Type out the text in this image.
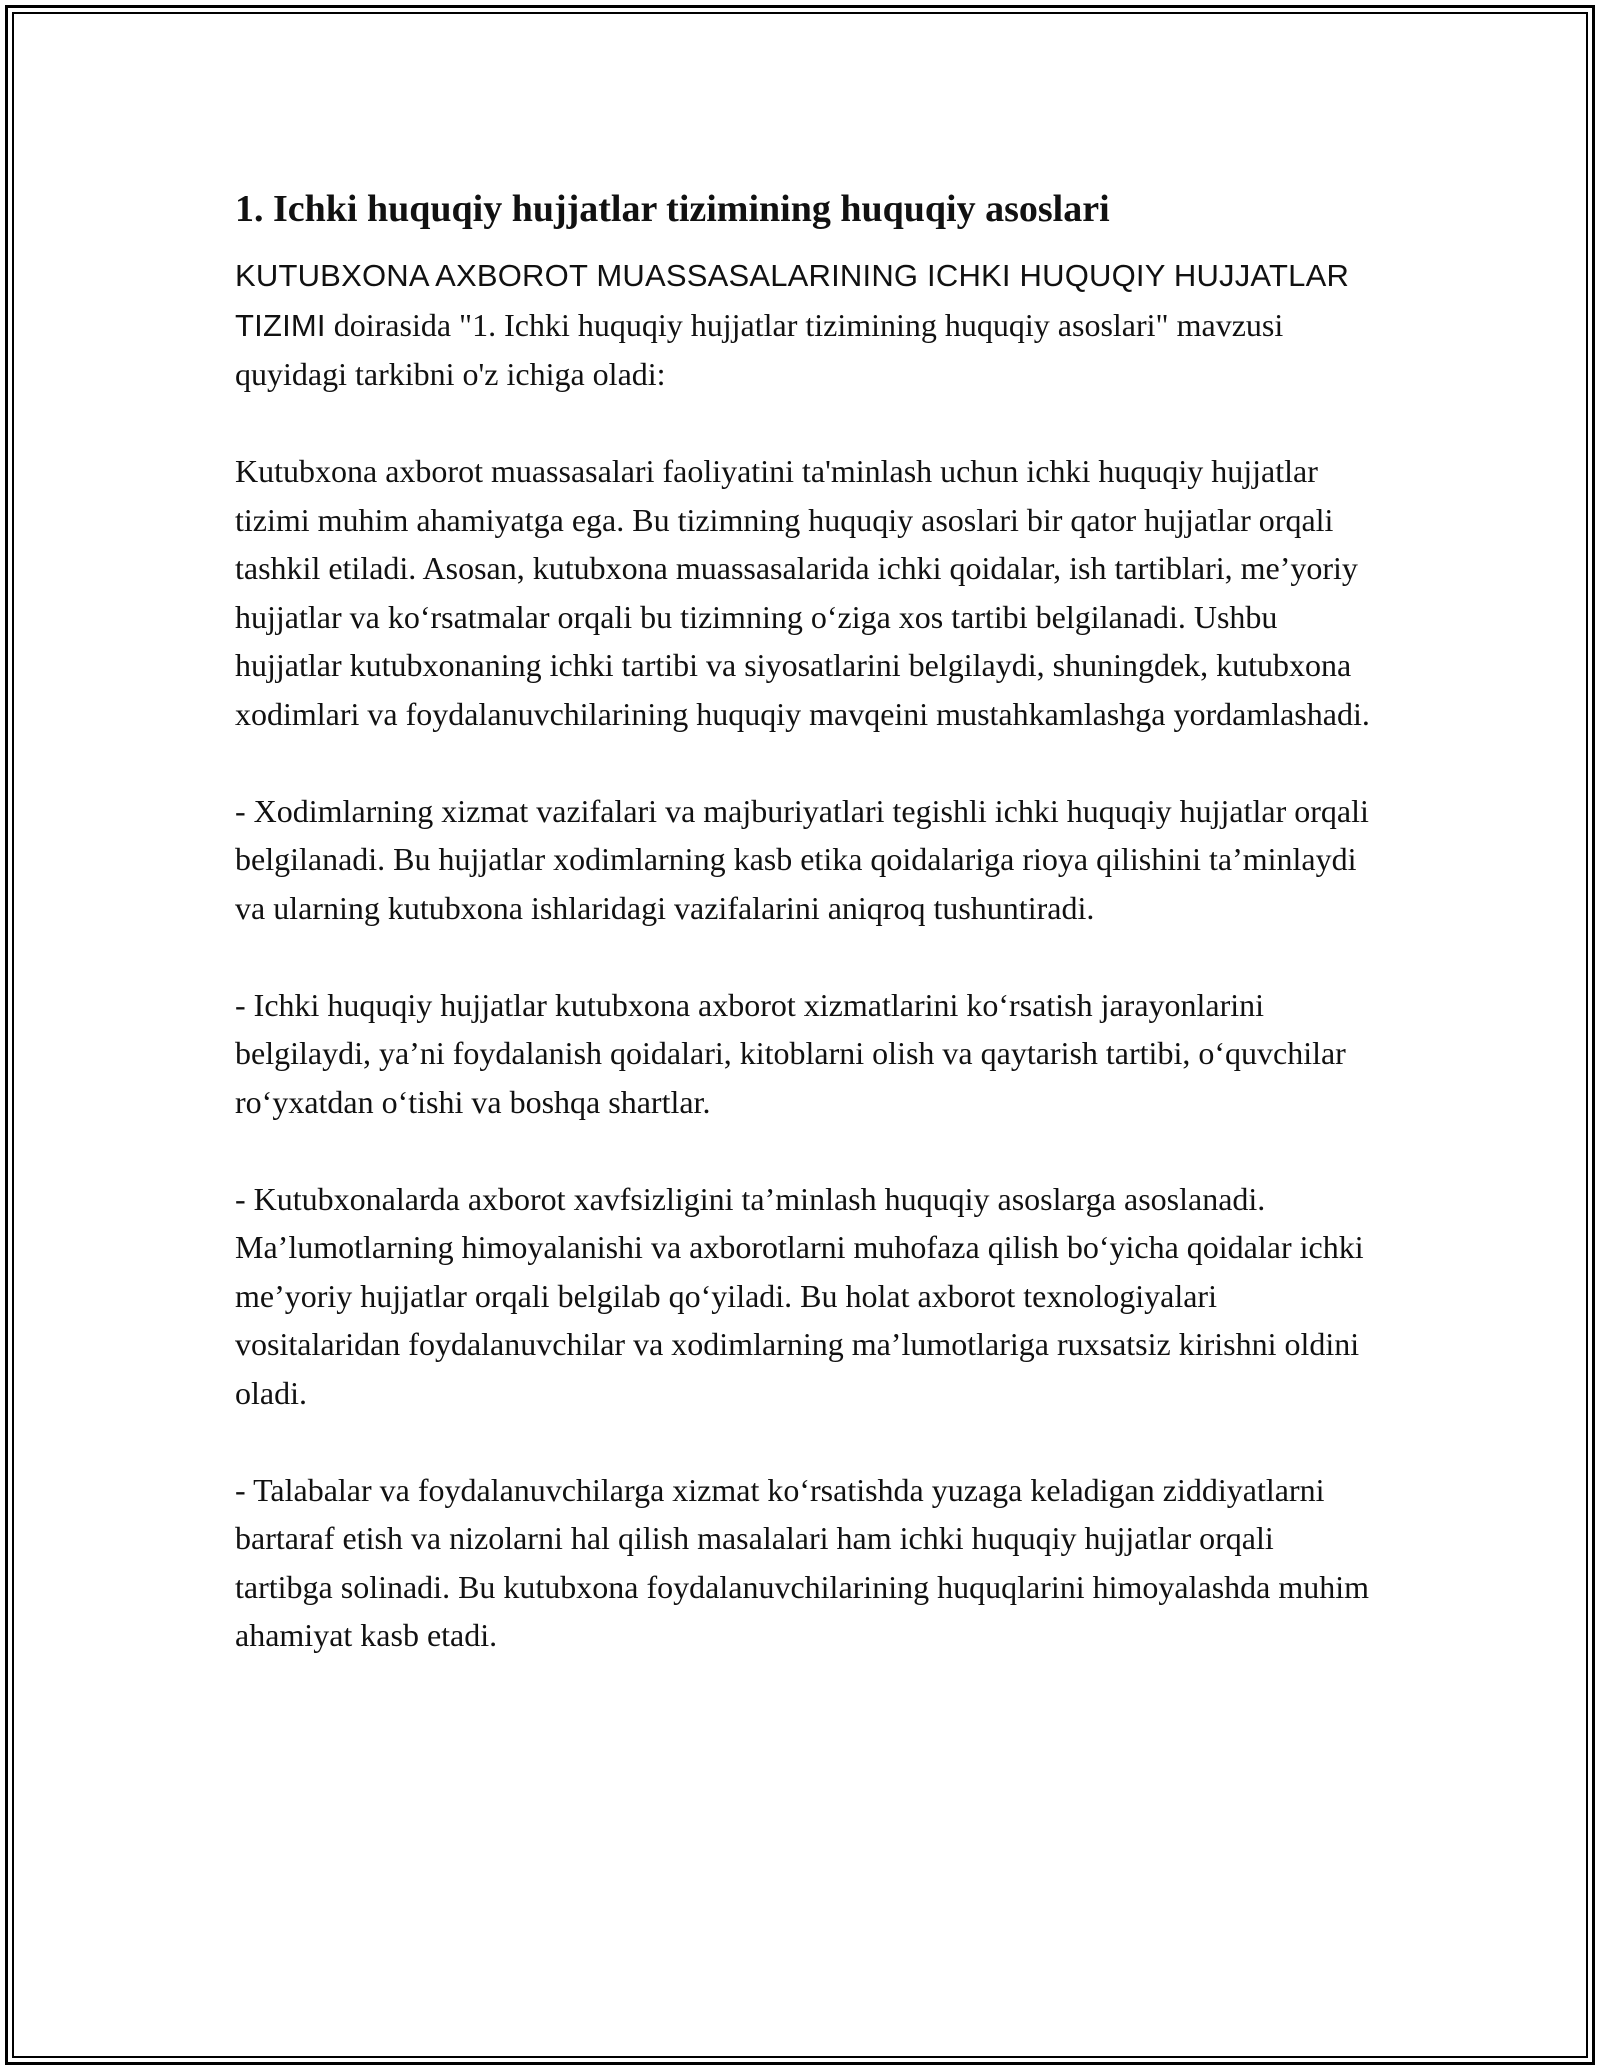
1. Ichki huquqiy hujjatlar tizimining huquqiy asoslari

KUTUBXONA AXBOROT MUASSASALARINING ICHKI HUQUQIY HUJJATLAR TIZIMI doirasida "1. Ichki huquqiy hujjatlar tizimining huquqiy asoslari" mavzusi quyidagi tarkibni o'z ichiga oladi:

Kutubxona axborot muassasalari faoliyatini ta'minlash uchun ichki huquqiy hujjatlar tizimi muhim ahamiyatga ega. Bu tizimning huquqiy asoslari bir qator hujjatlar orqali tashkil etiladi. Asosan, kutubxona muassasalarida ichki qoidalar, ish tartiblari, me’yoriy hujjatlar va ko‘rsatmalar orqali bu tizimning o‘ziga xos tartibi belgilanadi. Ushbu hujjatlar kutubxonaning ichki tartibi va siyosatlarini belgilaydi, shuningdek, kutubxona xodimlari va foydalanuvchilarining huquqiy mavqeini mustahkamlashga yordamlashadi.

- Xodimlarning xizmat vazifalari va majburiyatlari tegishli ichki huquqiy hujjatlar orqali belgilanadi. Bu hujjatlar xodimlarning kasb etika qoidalariga rioya qilishini ta’minlaydi va ularning kutubxona ishlaridagi vazifalarini aniqroq tushuntiradi.

- Ichki huquqiy hujjatlar kutubxona axborot xizmatlarini ko‘rsatish jarayonlarini belgilaydi, ya’ni foydalanish qoidalari, kitoblarni olish va qaytarish tartibi, o‘quvchilar ro‘yxatdan o‘tishi va boshqa shartlar.

- Kutubxonalarda axborot xavfsizligini ta’minlash huquqiy asoslarga asoslanadi. Ma’lumotlarning himoyalanishi va axborotlarni muhofaza qilish bo‘yicha qoidalar ichki me’yoriy hujjatlar orqali belgilab qo‘yiladi. Bu holat axborot texnologiyalari vositalaridan foydalanuvchilar va xodimlarning ma’lumotlariga ruxsatsiz kirishni oldini oladi.

- Talabalar va foydalanuvchilarga xizmat ko‘rsatishda yuzaga keladigan ziddiyatlarni bartaraf etish va nizolarni hal qilish masalalari ham ichki huquqiy hujjatlar orqali tartibga solinadi. Bu kutubxona foydalanuvchilarining huquqlarini himoyalashda muhim ahamiyat kasb etadi.
